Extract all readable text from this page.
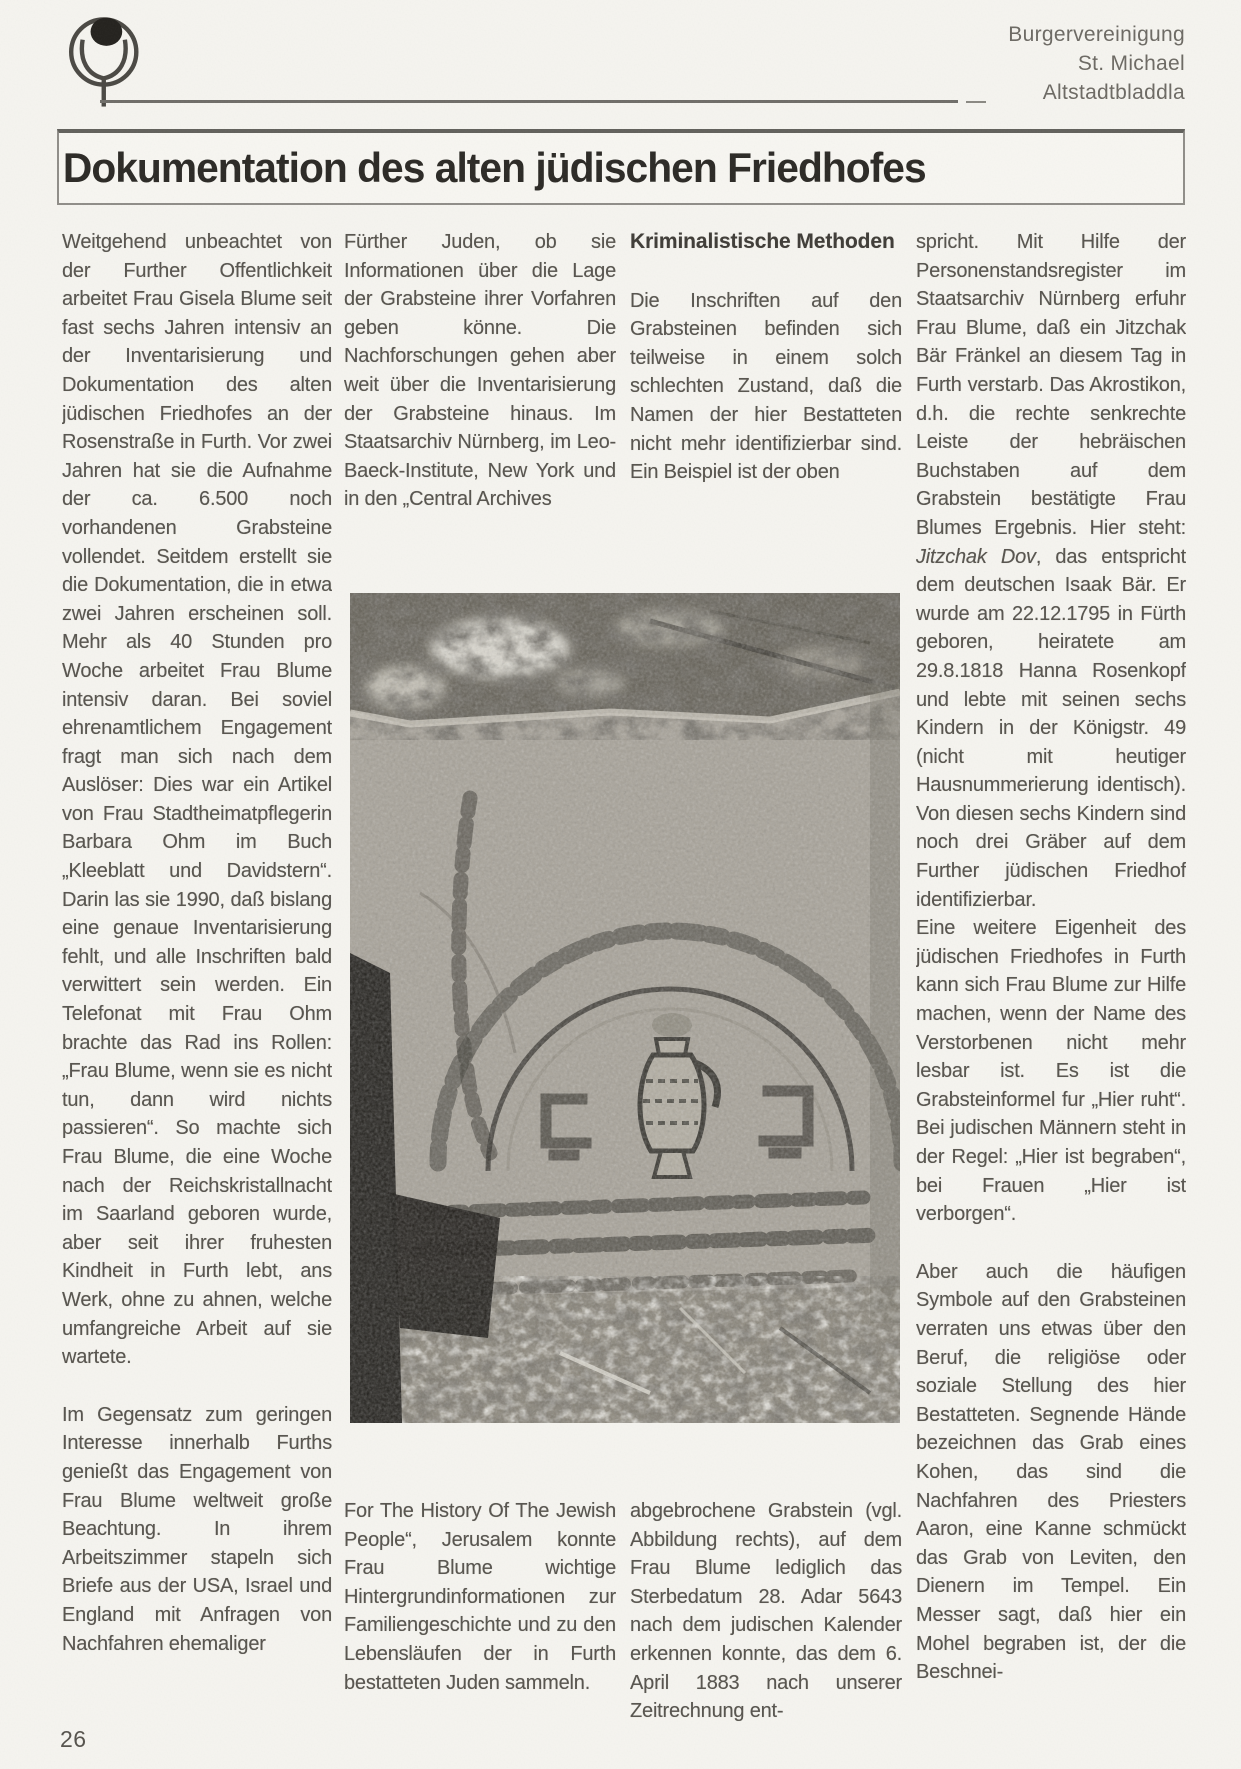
Burgervereinigung
St. Michael
Altstadtbladdla
Dokumentation des alten jüdischen Friedhofes

Weitgehend unbeachtet von der Further Offentlichkeit arbeitet Frau Gisela Blume seit fast sechs Jahren intensiv an der Inventarisierung und Dokumentation des alten jüdischen Friedhofes an der Rosenstraße in Furth. Vor zwei Jahren hat sie die Aufnahme der ca. 6.500 noch vorhandenen Grabsteine vollendet. Seitdem erstellt sie die Dokumentation, die in etwa zwei Jahren erscheinen soll. Mehr als 40 Stunden pro Woche arbeitet Frau Blume intensiv daran. Bei soviel ehrenamtlichem Engagement fragt man sich nach dem Auslöser: Dies war ein Artikel von Frau Stadtheimatpflegerin Barbara Ohm im Buch „Kleeblatt und Davidstern“. Darin las sie 1990, daß bislang eine genaue Inventarisierung fehlt, und alle Inschriften bald verwittert sein werden. Ein Telefonat mit Frau Ohm brachte das Rad ins Rollen: „Frau Blume, wenn sie es nicht tun, dann wird nichts passieren“. So machte sich Frau Blume, die eine Woche nach der Reichskristallnacht im Saarland geboren wurde, aber seit ihrer fruhesten Kindheit in Furth lebt, ans Werk, ohne zu ahnen, welche umfangreiche Arbeit auf sie wartete.

Im Gegensatz zum geringen Interesse innerhalb Furths genießt das Engagement von Frau Blume weltweit große Beachtung. In ihrem Arbeitszimmer stapeln sich Briefe aus der USA, Israel und England mit Anfragen von Nachfahren ehemaliger

Fürther Juden, ob sie Informationen über die Lage der Grabsteine ihrer Vorfahren geben könne. Die Nachforschungen gehen aber weit über die Inventarisierung der Grabsteine hinaus. Im Staatsarchiv Nürnberg, im Leo-Baeck-Institute, New York und in den „Central Archives

Kriminalistische Methoden

Die Inschriften auf den Grabsteinen befinden sich teilweise in einem solch schlechten Zustand, daß die Namen der hier Bestatteten nicht mehr identifizierbar sind. Ein Beispiel ist der oben

For The History Of The Jewish People“, Jerusalem konnte Frau Blume wichtige Hintergrundinformationen zur Familiengeschichte und zu den Lebensläufen der in Furth bestatteten Juden sammeln.

abgebrochene Grabstein (vgl. Abbildung rechts), auf dem Frau Blume lediglich das Sterbedatum 28. Adar 5643 nach dem judischen Kalender erkennen konnte, das dem 6. April 1883 nach unserer Zeitrechnung ent-

spricht. Mit Hilfe der Personenstandsregister im Staatsarchiv Nürnberg erfuhr Frau Blume, daß ein Jitzchak Bär Fränkel an diesem Tag in Furth verstarb. Das Akrostikon, d.h. die rechte senkrechte Leiste der hebräischen Buchstaben auf dem Grabstein bestätigte Frau Blumes Ergebnis. Hier steht: Jitzchak Dov, das entspricht dem deutschen Isaak Bär. Er wurde am 22.12.1795 in Fürth geboren, heiratete am 29.8.1818 Hanna Rosenkopf und lebte mit seinen sechs Kindern in der Königstr. 49 (nicht mit heutiger Hausnummerierung identisch). Von diesen sechs Kindern sind noch drei Gräber auf dem Further jüdischen Friedhof identifizierbar.

Eine weitere Eigenheit des jüdischen Friedhofes in Furth kann sich Frau Blume zur Hilfe machen, wenn der Name des Verstorbenen nicht mehr lesbar ist. Es ist die Grabsteinformel fur „Hier ruht“. Bei judischen Männern steht in der Regel: „Hier ist begraben“, bei Frauen „Hier ist verborgen“.

Aber auch die häufigen Symbole auf den Grabsteinen verraten uns etwas über den Beruf, die religiöse oder soziale Stellung des hier Bestatteten. Segnende Hände bezeichnen das Grab eines Kohen, das sind die Nachfahren des Priesters Aaron, eine Kanne schmückt das Grab von Leviten, den Dienern im Tempel. Ein Messer sagt, daß hier ein Mohel begraben ist, der die Beschnei-

26
